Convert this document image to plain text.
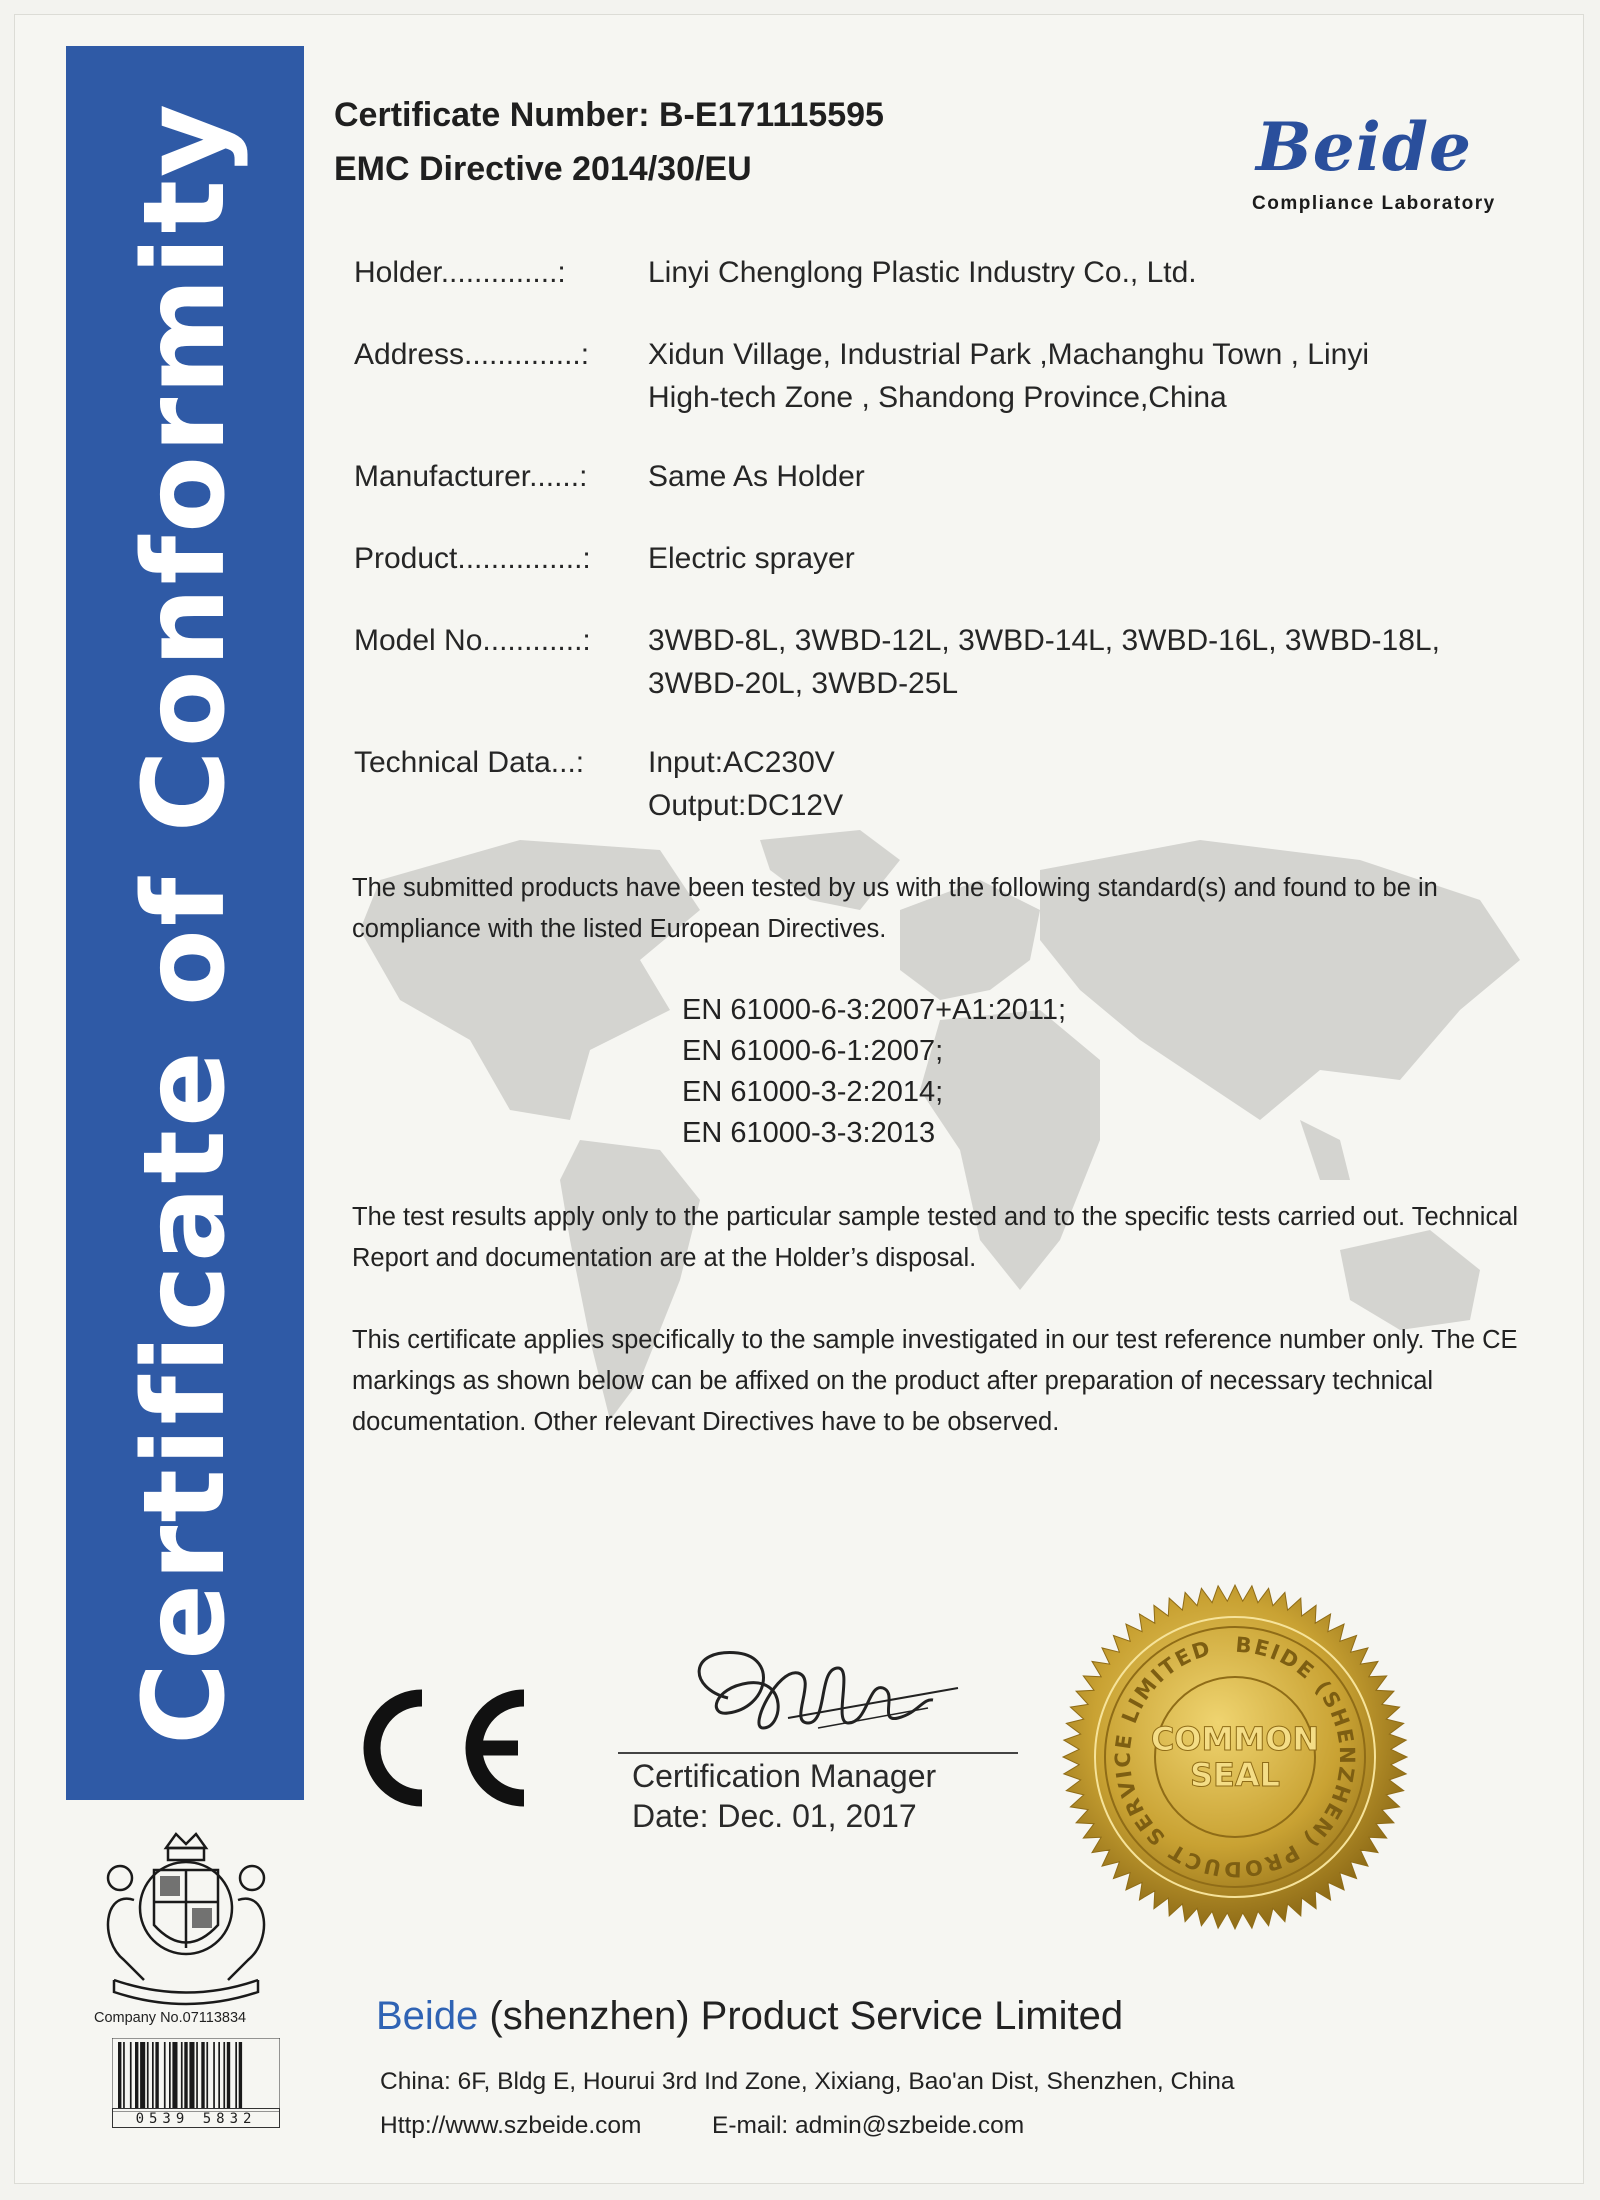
Certificate of Conformity Certificate Number: B-E171115595
EMC Directive 2014/30/EU	Beide
Compliance Laboratory
Holder..............:	Linyi Chenglong Plastic Industry Co., Ltd.
Address..............: Xidun Village, Industrial Park ,Machanghu Town , Linyi
High-tech Zone , Shandong Province,China
Manufacturer......: Same As Holder
Product...............: Electric sprayer
Model No............: 3WBD-8L, 3WBD-12L, 3WBD-14L, 3WBD-16L, 3WBD-18L,
3WBD-20L, 3WBD-25L
Technical Data...: Input:AC230V
Output:DC12V
The submitted products have been tested by us with the following standard(s) and found to be in compliance with the listed European Directives.
EN 61000-6-3:2007+A1:2011;
EN 61000-6-1:2007;
EN 61000-3-2:2014;
EN 61000-3-3:2013
The test results apply only to the particular sample tested and to the specific tests carried out. Technical Report and documentation are at the Holder’s disposal.
This certificate applies specifically to the sample investigated in our test reference number only. The CE markings as shown below can be affixed on the product after preparation of necessary technical documentation. Other relevant Directives have to be observed.
Certification Manager
Date: Dec. 01, 2017
BEIDE (SHENZHEN) PRODUCT SERVICE LIMITED
COMMON
SEAL
Company No.07113834
0539 5832
Beide (shenzhen) Product Service Limited
China: 6F, Bldg E, Hourui 3rd Ind Zone, Xixiang, Bao'an Dist, Shenzhen, China
Http://www.szbeide.com	E-mail: admin@szbeide.com
